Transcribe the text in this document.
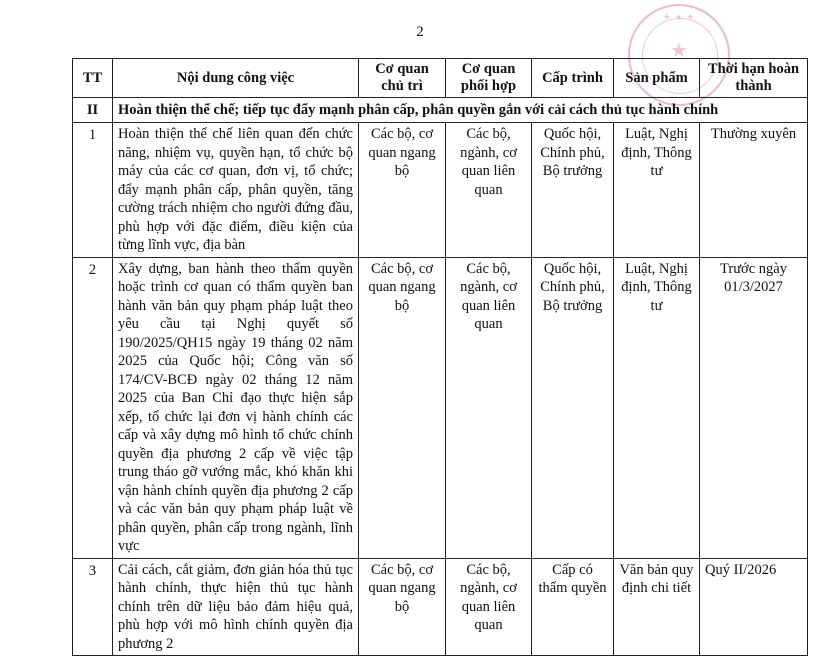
2
✦ ✦ ✦
★
TT	Nội dung công việc	Cơ quan chủ trì	Cơ quan phối hợp	Cấp trình	Sản phẩm	Thời hạn hoàn thành
II	Hoàn thiện thể chế; tiếp tục đẩy mạnh phân cấp, phân quyền gắn với cải cách thủ tục hành chính					
1	Hoàn thiện thể chế liên quan đến chức năng, nhiệm vụ, quyền hạn, tổ chức bộ máy của các cơ quan, đơn vị, tổ chức; đẩy mạnh phân cấp, phân quyền, tăng cường trách nhiệm cho người đứng đầu, phù hợp với đặc điểm, điều kiện của từng lĩnh vực, địa bàn	Các bộ, cơ quan ngang bộ	Các bộ, ngành, cơ quan liên quan	Quốc hội, Chính phủ, Bộ trưởng	Luật, Nghị định, Thông tư	Thường xuyên
2	Xây dựng, ban hành theo thẩm quyền hoặc trình cơ quan có thẩm quyền ban hành văn bản quy phạm pháp luật theo yêu cầu tại Nghị quyết số 190/2025/QH15 ngày 19 tháng 02 năm 2025 của Quốc hội; Công văn số 174/CV-BCĐ ngày 02 tháng 12 năm 2025 của Ban Chỉ đạo thực hiện sắp xếp, tổ chức lại đơn vị hành chính các cấp và xây dựng mô hình tổ chức chính quyền địa phương 2 cấp về việc tập trung tháo gỡ vướng mắc, khó khăn khi vận hành chính quyền địa phương 2 cấp và các văn bản quy phạm pháp luật về phân quyền, phân cấp trong ngành, lĩnh vực	Các bộ, cơ quan ngang bộ	Các bộ, ngành, cơ quan liên quan	Quốc hội, Chính phủ, Bộ trưởng	Luật, Nghị định, Thông tư	Trước ngày 01/3/2027
3	Cải cách, cắt giảm, đơn giản hóa thủ tục hành chính, thực hiện thủ tục hành chính trên dữ liệu bảo đảm hiệu quả, phù hợp với mô hình chính quyền địa phương 2	Các bộ, cơ quan ngang bộ	Các bộ, ngành, cơ quan liên quan	Cấp có thẩm quyền	Văn bản quy định chi tiết	Quý II/2026
